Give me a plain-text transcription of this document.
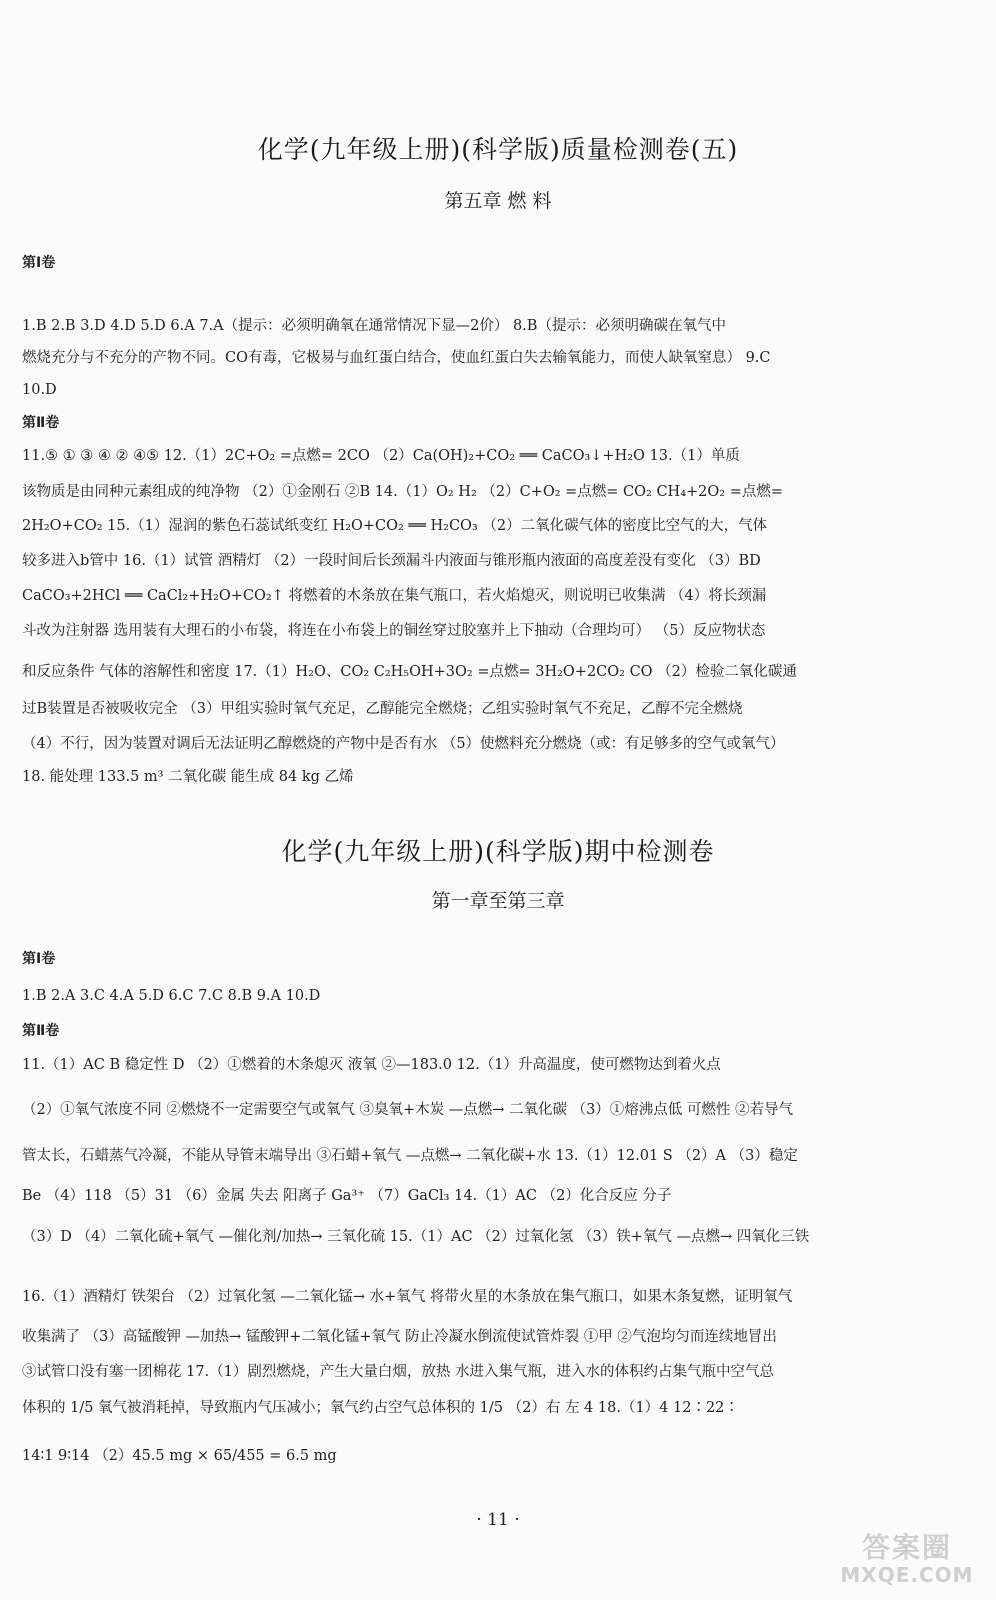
化学(九年级上册)(科学版)质量检测卷(五)
第五章 燃 料
第Ⅰ卷
1.B 2.B 3.D 4.D 5.D 6.A 7.A（提示：必须明确氧在通常情况下显—2价） 8.B（提示：必须明确碳在氧气中
燃烧充分与不充分的产物不同。CO有毒，它极易与血红蛋白结合，使血红蛋白失去输氧能力，而使人缺氧窒息） 9.C
10.D
第Ⅱ卷
11.⑤ ① ③ ④ ② ④⑤ 12.（1）2C+O₂ =点燃= 2CO （2）Ca(OH)₂+CO₂ ══ CaCO₃↓+H₂O 13.（1）单质
该物质是由同种元素组成的纯净物 （2）①金刚石 ②B 14.（1）O₂ H₂ （2）C+O₂ =点燃= CO₂ CH₄+2O₂ =点燃=
2H₂O+CO₂ 15.（1）湿润的紫色石蕊试纸变红 H₂O+CO₂ ══ H₂CO₃ （2）二氧化碳气体的密度比空气的大，气体
较多进入b管中 16.（1）试管 酒精灯 （2）一段时间后长颈漏斗内液面与锥形瓶内液面的高度差没有变化 （3）BD
CaCO₃+2HCl ══ CaCl₂+H₂O+CO₂↑ 将燃着的木条放在集气瓶口，若火焰熄灭，则说明已收集满 （4）将长颈漏
斗改为注射器 选用装有大理石的小布袋，将连在小布袋上的铜丝穿过胶塞并上下抽动（合理均可） （5）反应物状态
和反应条件 气体的溶解性和密度 17.（1）H₂O、CO₂ C₂H₅OH+3O₂ =点燃= 3H₂O+2CO₂ CO （2）检验二氧化碳通
过B装置是否被吸收完全 （3）甲组实验时氧气充足，乙醇能完全燃烧；乙组实验时氧气不充足，乙醇不完全燃烧
（4）不行，因为装置对调后无法证明乙醇燃烧的产物中是否有水 （5）使燃料充分燃烧（或：有足够多的空气或氧气）
18. 能处理 133.5 m³ 二氧化碳 能生成 84 kg 乙烯
化学(九年级上册)(科学版)期中检测卷
第一章至第三章
第Ⅰ卷
1.B 2.A 3.C 4.A 5.D 6.C 7.C 8.B 9.A 10.D
第Ⅱ卷
11.（1）AC B 稳定性 D （2）①燃着的木条熄灭 液氧 ②—183.0 12.（1）升高温度，使可燃物达到着火点
（2）①氧气浓度不同 ②燃烧不一定需要空气或氧气 ③臭氧+木炭 —点燃→ 二氧化碳 （3）①熔沸点低 可燃性 ②若导气
管太长，石蜡蒸气冷凝，不能从导管末端导出 ③石蜡+氧气 —点燃→ 二氧化碳+水 13.（1）12.01 S （2）A （3）稳定
Be （4）118 （5）31 （6）金属 失去 阳离子 Ga³⁺ （7）GaCl₃ 14.（1）AC （2）化合反应 分子
（3）D （4）二氧化硫+氧气 —催化剂/加热→ 三氧化硫 15.（1）AC （2）过氧化氢 （3）铁+氧气 —点燃→ 四氧化三铁
16.（1）酒精灯 铁架台 （2）过氧化氢 —二氧化锰→ 水+氧气 将带火星的木条放在集气瓶口，如果木条复燃，证明氧气
收集满了 （3）高锰酸钾 —加热→ 锰酸钾+二氧化锰+氧气 防止冷凝水倒流使试管炸裂 ①甲 ②气泡均匀而连续地冒出
③试管口没有塞一团棉花 17.（1）剧烈燃烧，产生大量白烟，放热 水进入集气瓶，进入水的体积约占集气瓶中空气总
体积的 1/5 氧气被消耗掉，导致瓶内气压减小；氧气约占空气总体积的 1/5 （2）右 左 4 18.（1）4 12∶22∶
14∶1 9∶14 （2）45.5 mg × 65/455 = 6.5 mg
· 11 ·
答案圈
MXQE.COM
